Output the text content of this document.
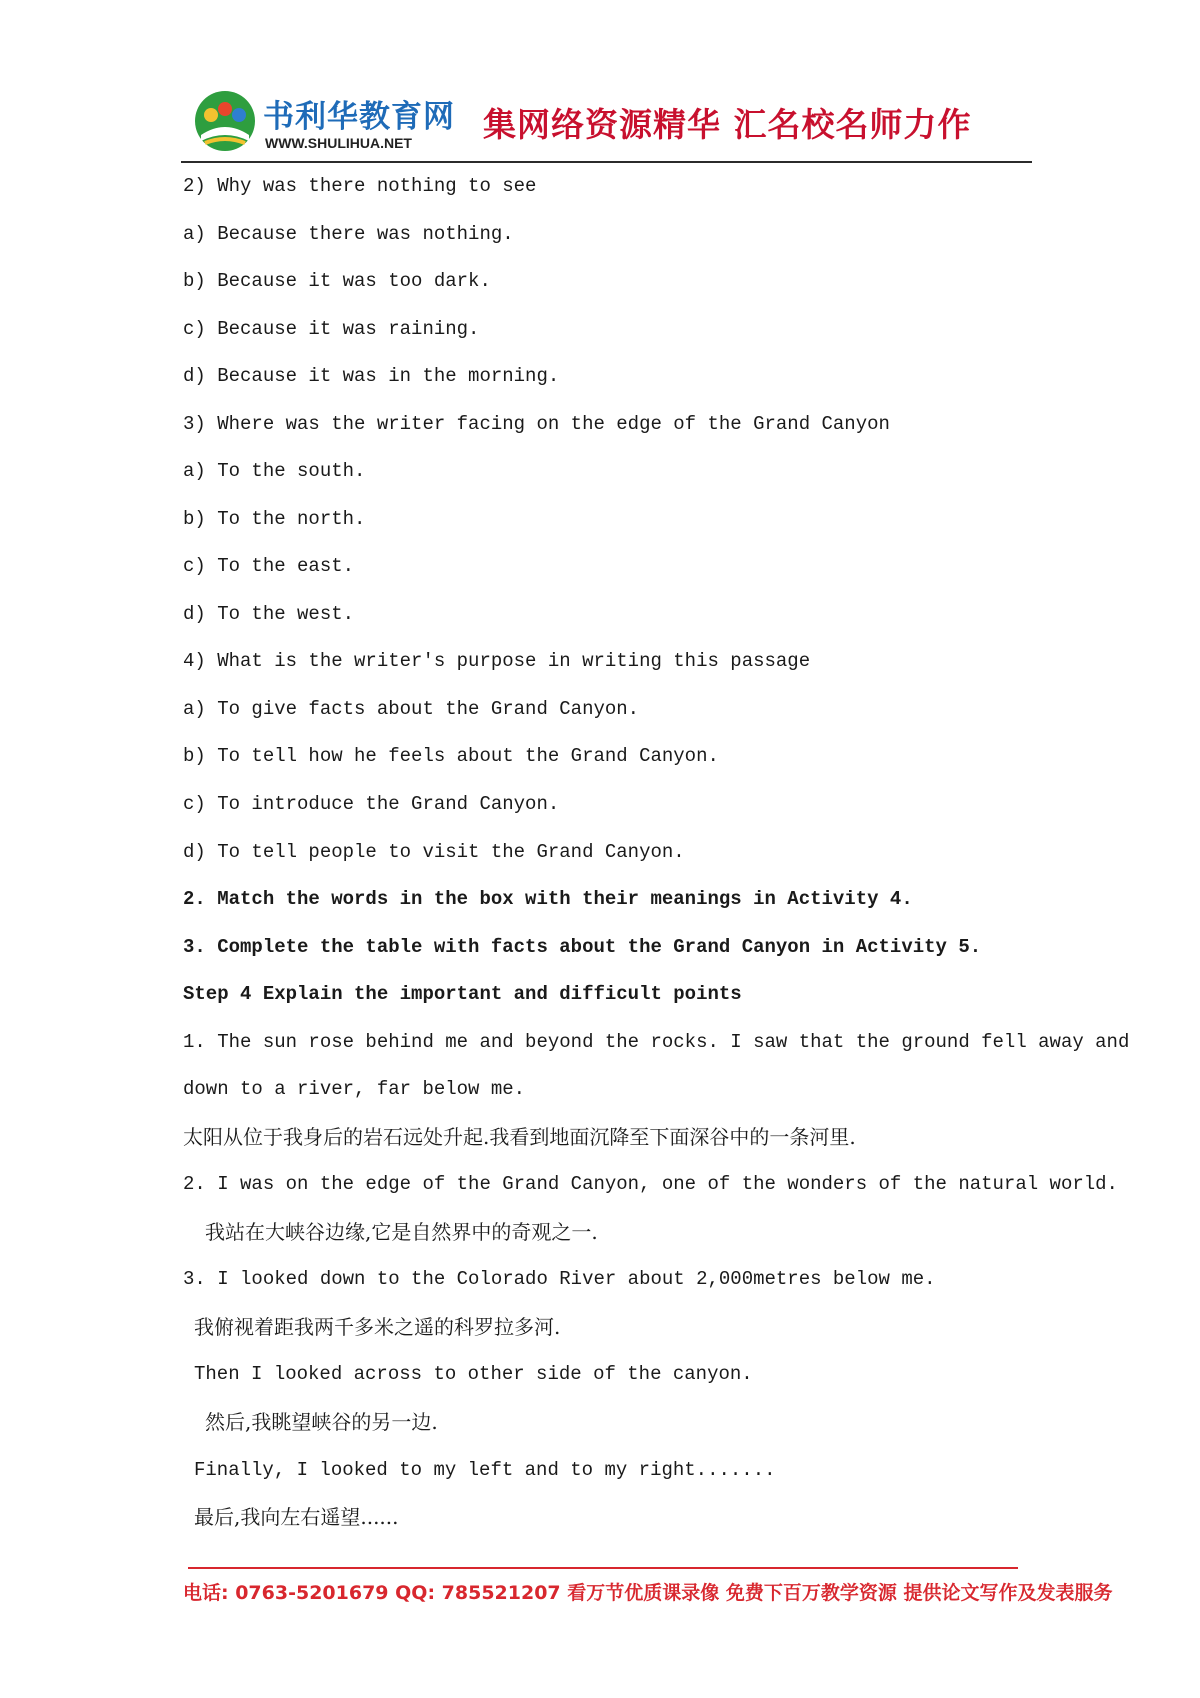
书利华教育网
WWW.SHULIHUA.NET 集网络资源精华 汇名校名师力作
2) Why was there nothing to see
a) Because there was nothing.
b) Because it was too dark.
c) Because it was raining.
d) Because it was in the morning.
3) Where was the writer facing on the edge of the Grand Canyon
a) To the south.
b) To the north.
c) To the east.
d) To the west.
4) What is the writer's purpose in writing this passage
a) To give facts about the Grand Canyon.
b) To tell how he feels about the Grand Canyon.
c) To introduce the Grand Canyon.
d) To tell people to visit the Grand Canyon.
2. Match the words in the box with their meanings in Activity 4.
3. Complete the table with facts about the Grand Canyon in Activity 5.
Step 4 Explain the important and difficult points
1. The sun rose behind me and beyond the rocks. I saw that the ground fell away and
down to a river, far below me.
太阳从位于我身后的岩石远处升起.我看到地面沉降至下面深谷中的一条河里.
2. I was on the edge of the Grand Canyon, one of the wonders of the natural world.
我站在大峡谷边缘,它是自然界中的奇观之一.
3. I looked down to the Colorado River about 2,000metres below me.
我俯视着距我两千多米之遥的科罗拉多河.
Then I looked across to other side of the canyon.
然后,我眺望峡谷的另一边.
Finally, I looked to my left and to my right.......
最后,我向左右遥望......
电话: 0763-5201679 QQ: 785521207 看万节优质课录像 免费下百万教学资源 提供论文写作及发表服务
